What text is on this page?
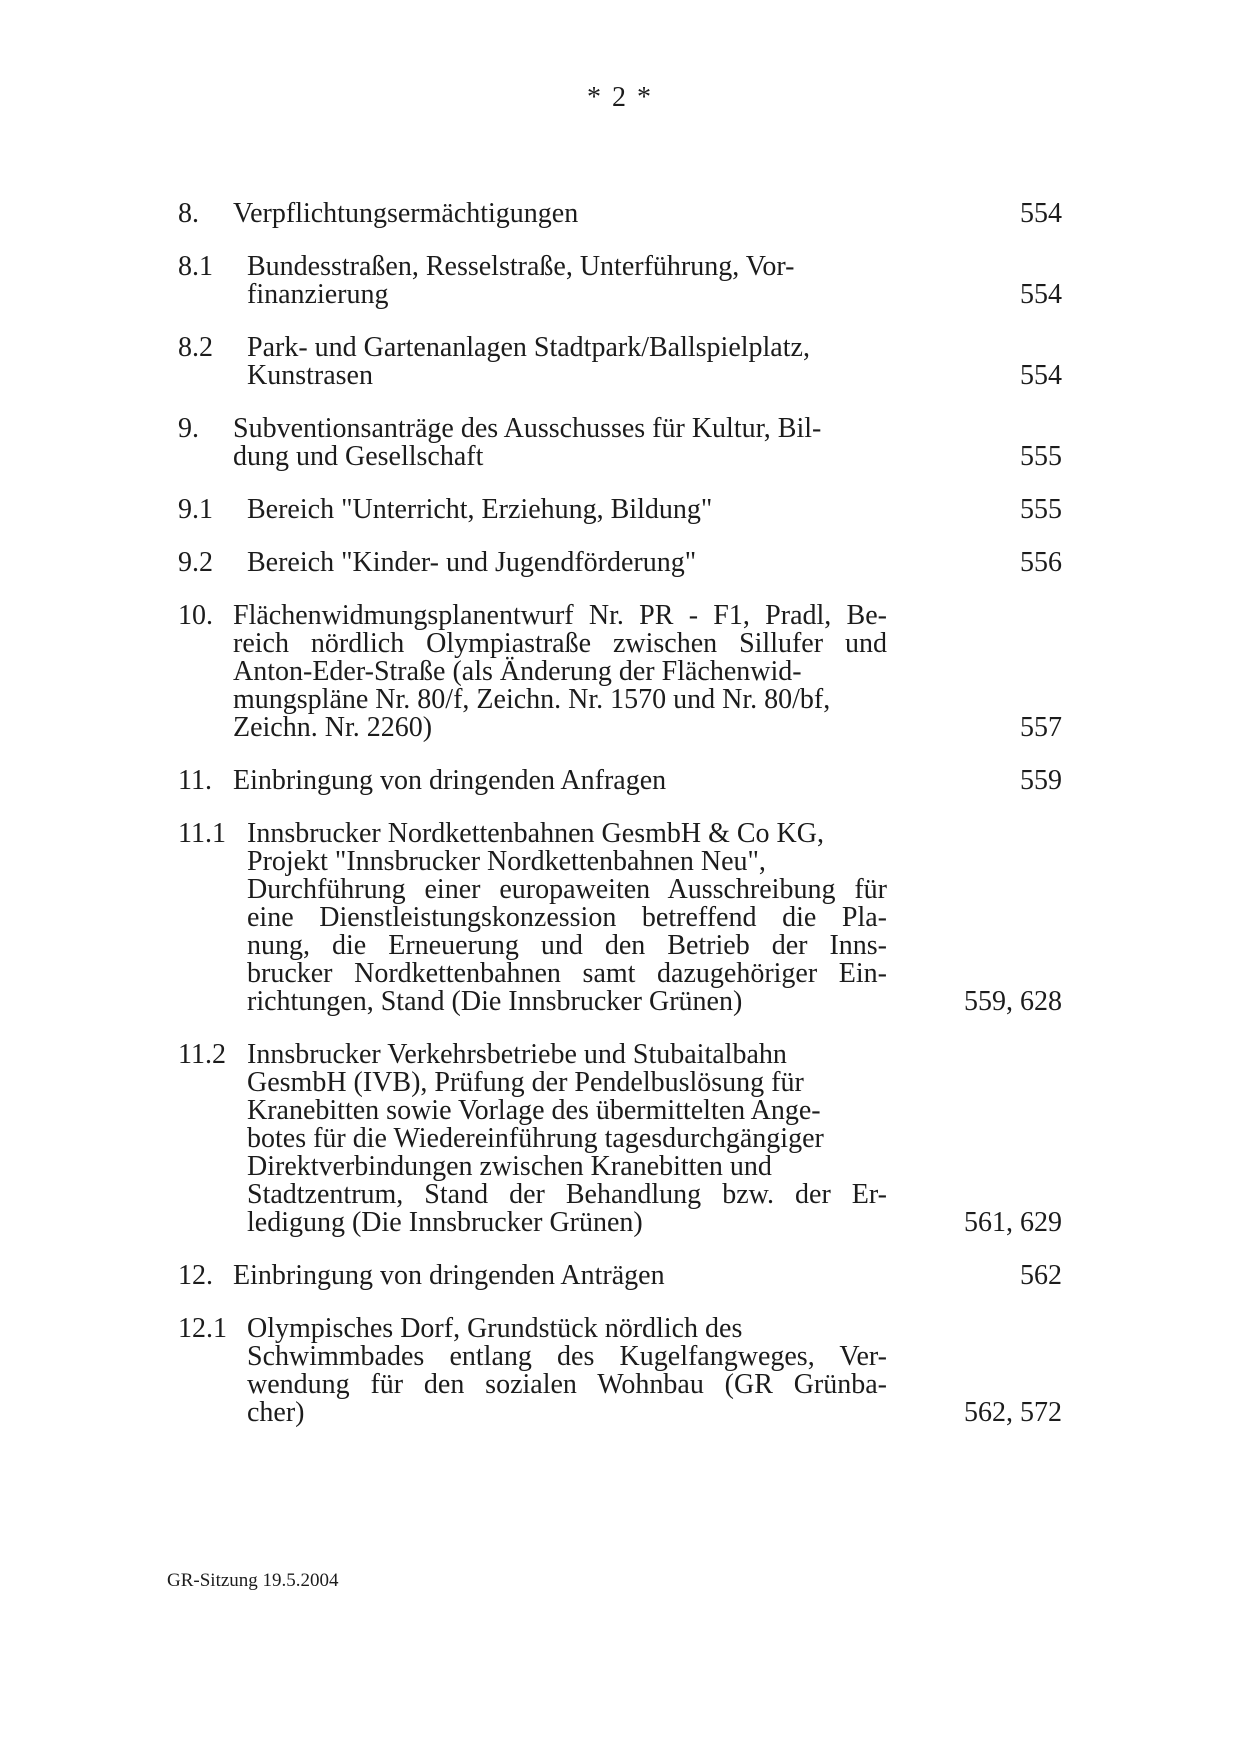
* 2 *
8. Verpflichtungsermächtigungen	554
8.1 Bundesstraßen, Resselstraße, Unterführung, Vor-
finanzierung	554
8.2 Park- und Gartenanlagen Stadtpark/Ballspielplatz,
Kunstrasen	554
9. Subventionsanträge des Ausschusses für Kultur, Bil-
dung und Gesellschaft	555
9.1 Bereich "Unterricht, Erziehung, Bildung"	555
9.2 Bereich "Kinder- und Jugendförderung"	556
10. Flächenwidmungsplanentwurf Nr. PR - F1, Pradl, Be-
reich nördlich Olympiastraße zwischen Sillufer und
Anton-Eder-Straße (als Änderung der Flächenwid-
mungspläne Nr. 80/f, Zeichn. Nr. 1570 und Nr. 80/bf,
Zeichn. Nr. 2260)	557
11. Einbringung von dringenden Anfragen	559
11.1 Innsbrucker Nordkettenbahnen GesmbH & Co KG,
Projekt "Innsbrucker Nordkettenbahnen Neu",
Durchführung einer europaweiten Ausschreibung für
eine Dienstleistungskonzession betreffend die Pla-
nung, die Erneuerung und den Betrieb der Inns-
brucker Nordkettenbahnen samt dazugehöriger Ein-
richtungen, Stand (Die Innsbrucker Grünen)	559, 628
11.2 Innsbrucker Verkehrsbetriebe und Stubaitalbahn
GesmbH (IVB), Prüfung der Pendelbuslösung für
Kranebitten sowie Vorlage des übermittelten Ange-
botes für die Wiedereinführung tagesdurchgängiger
Direktverbindungen zwischen Kranebitten und
Stadtzentrum, Stand der Behandlung bzw. der Er-
ledigung (Die Innsbrucker Grünen)	561, 629
12. Einbringung von dringenden Anträgen	562
12.1 Olympisches Dorf, Grundstück nördlich des
Schwimmbades entlang des Kugelfangweges, Ver-
wendung für den sozialen Wohnbau (GR Grünba-
cher)	562, 572
GR-Sitzung 19.5.2004
